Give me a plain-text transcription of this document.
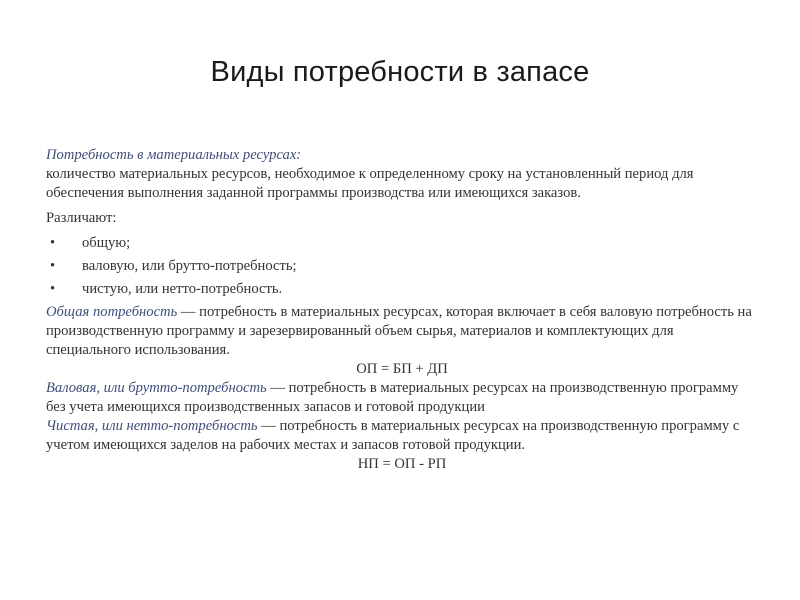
Виды потребности в запасе

Потребность в материальных ресурсах:

количество материальных ресурсов, необходимое к определенному сроку на установленный период для обеспечения выполнения заданной программы производства или имеющихся заказов.

Различают:

•	общую;
•	валовую, или брутто-потребность;
•	чистую, или нетто-потребность.

Общая потребность — потребность в материальных ресурсах, которая включает в себя валовую потребность на производственную программу и зарезервированный объем сырья, материалов и комплектующих для специального использования.

ОП = БП + ДП

Валовая, или брутто-потребность — потребность в материальных ресурсах на производственную программу без учета имеющихся производственных запасов и готовой продукции

Чистая, или нетто-потребность — потребность в материальных ресурсах на производственную программу с учетом имеющихся заделов на рабочих местах и запасов готовой продукции.

НП = ОП - РП
